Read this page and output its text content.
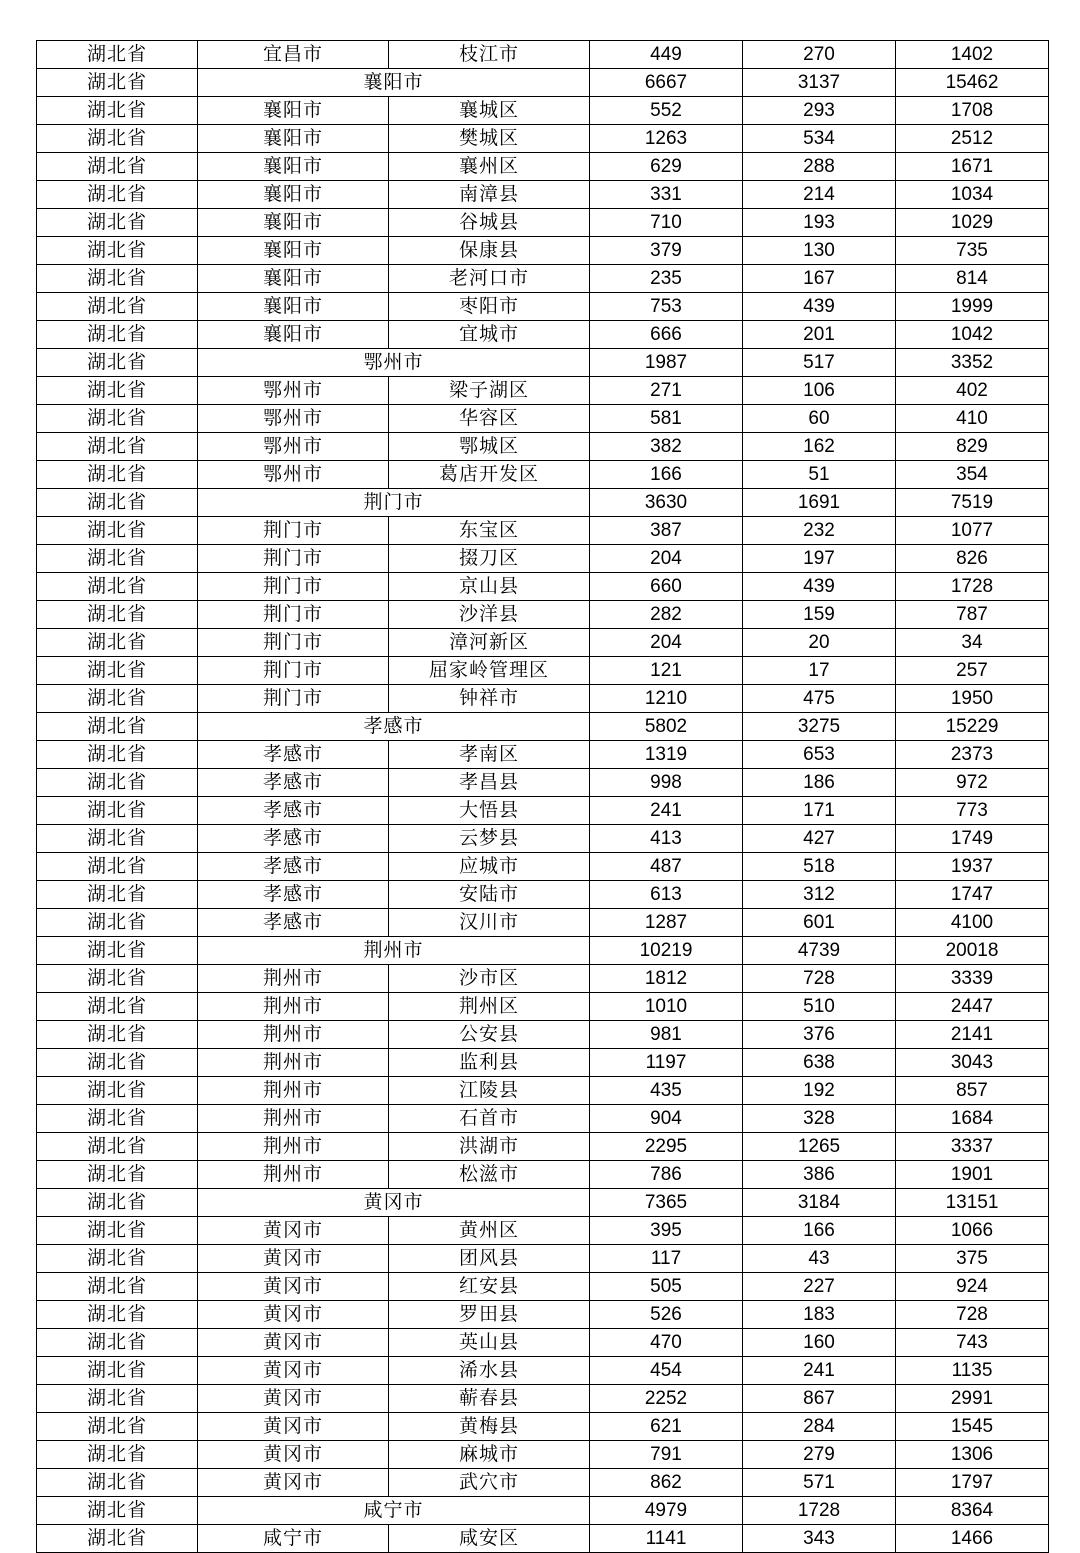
湖北省	宜昌市	枝江市	449	270	1402
湖北省	襄阳市		6667	3137	15462
湖北省	襄阳市	襄城区	552	293	1708
湖北省	襄阳市	樊城区	1263	534	2512
湖北省	襄阳市	襄州区	629	288	1671
湖北省	襄阳市	南漳县	331	214	1034
湖北省	襄阳市	谷城县	710	193	1029
湖北省	襄阳市	保康县	379	130	735
湖北省	襄阳市	老河口市	235	167	814
湖北省	襄阳市	枣阳市	753	439	1999
湖北省	襄阳市	宜城市	666	201	1042
湖北省	鄂州市		1987	517	3352
湖北省	鄂州市	梁子湖区	271	106	402
湖北省	鄂州市	华容区	581	60	410
湖北省	鄂州市	鄂城区	382	162	829
湖北省	鄂州市	葛店开发区	166	51	354
湖北省	荆门市		3630	1691	7519
湖北省	荆门市	东宝区	387	232	1077
湖北省	荆门市	掇刀区	204	197	826
湖北省	荆门市	京山县	660	439	1728
湖北省	荆门市	沙洋县	282	159	787
湖北省	荆门市	漳河新区	204	20	34
湖北省	荆门市	屈家岭管理区	121	17	257
湖北省	荆门市	钟祥市	1210	475	1950
湖北省	孝感市		5802	3275	15229
湖北省	孝感市	孝南区	1319	653	2373
湖北省	孝感市	孝昌县	998	186	972
湖北省	孝感市	大悟县	241	171	773
湖北省	孝感市	云梦县	413	427	1749
湖北省	孝感市	应城市	487	518	1937
湖北省	孝感市	安陆市	613	312	1747
湖北省	孝感市	汉川市	1287	601	4100
湖北省	荆州市		10219	4739	20018
湖北省	荆州市	沙市区	1812	728	3339
湖北省	荆州市	荆州区	1010	510	2447
湖北省	荆州市	公安县	981	376	2141
湖北省	荆州市	监利县	1197	638	3043
湖北省	荆州市	江陵县	435	192	857
湖北省	荆州市	石首市	904	328	1684
湖北省	荆州市	洪湖市	2295	1265	3337
湖北省	荆州市	松滋市	786	386	1901
湖北省	黄冈市		7365	3184	13151
湖北省	黄冈市	黄州区	395	166	1066
湖北省	黄冈市	团风县	117	43	375
湖北省	黄冈市	红安县	505	227	924
湖北省	黄冈市	罗田县	526	183	728
湖北省	黄冈市	英山县	470	160	743
湖北省	黄冈市	浠水县	454	241	1135
湖北省	黄冈市	蕲春县	2252	867	2991
湖北省	黄冈市	黄梅县	621	284	1545
湖北省	黄冈市	麻城市	791	279	1306
湖北省	黄冈市	武穴市	862	571	1797
湖北省	咸宁市		4979	1728	8364
湖北省	咸宁市	咸安区	1141	343	1466
